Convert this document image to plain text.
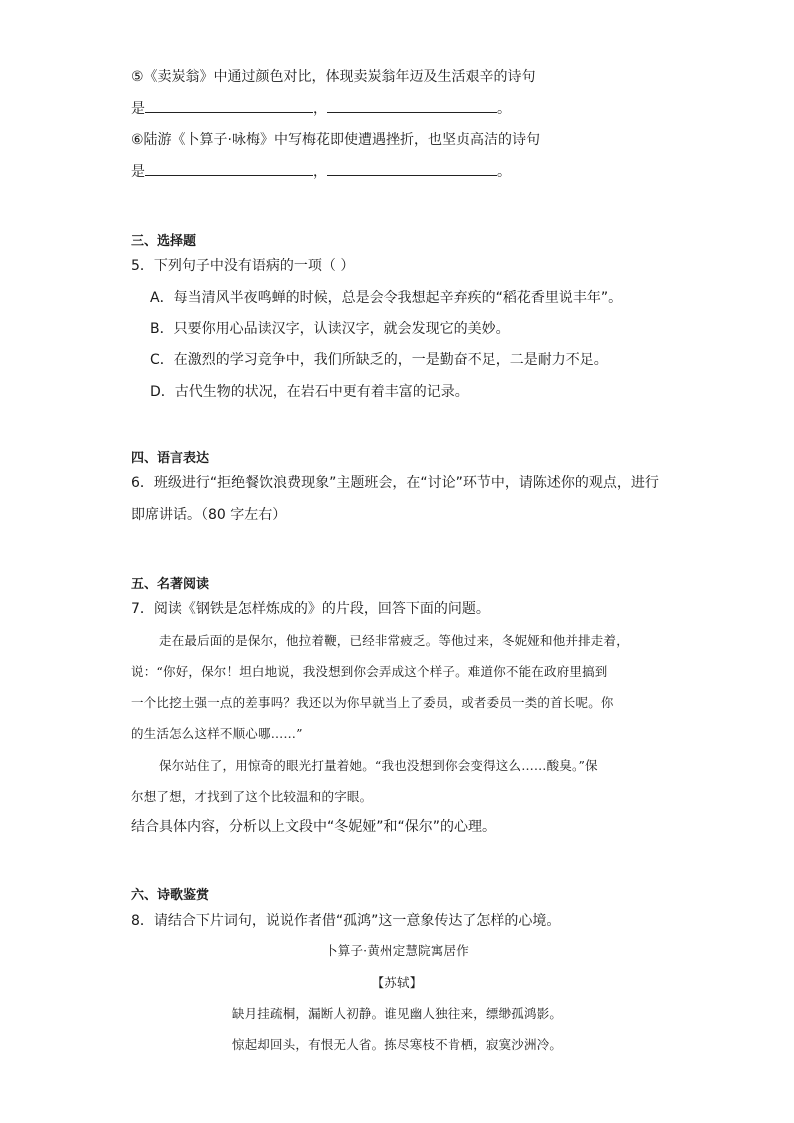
⑤《卖炭翁》中通过颜色对比，体现卖炭翁年迈及生活艰辛的诗句
是	，	。
⑥陆游《卜算子·咏梅》中写梅花即使遭遇挫折，也坚贞高洁的诗句
是	，	。
三、选择题
5．下列句子中没有语病的一项（ ）
A．每当清风半夜鸣蝉的时候，总是会令我想起辛弃疾的“稻花香里说丰年”。
B．只要你用心品读汉字，认读汉字，就会发现它的美妙。
C．在激烈的学习竞争中，我们所缺乏的，一是勤奋不足，二是耐力不足。
D．古代生物的状况，在岩石中更有着丰富的记录。
四、语言表达
6．班级进行“拒绝餐饮浪费现象”主题班会，在“讨论”环节中，请陈述你的观点，进行
即席讲话。（80 字左右）
五、名著阅读
7．阅读《钢铁是怎样炼成的》的片段，回答下面的问题。
走在最后面的是保尔，他拉着鞭，已经非常疲乏。等他过来，冬妮娅和他并排走着，
说：“你好，保尔！坦白地说，我没想到你会弄成这个样子。难道你不能在政府里搞到
一个比挖土强一点的差事吗？我还以为你早就当上了委员，或者委员一类的首长呢。你
的生活怎么这样不顺心哪……”
保尔站住了，用惊奇的眼光打量着她。“我也没想到你会变得这么……酸臭。”保
尔想了想，才找到了这个比较温和的字眼。
结合具体内容，分析以上文段中“冬妮娅”和“保尔”的心理。
六、诗歌鉴赏
8．请结合下片词句，说说作者借“孤鸿”这一意象传达了怎样的心境。
卜算子·黄州定慧院寓居作
【苏轼】
缺月挂疏桐，漏断人初静。谁见幽人独往来，缥缈孤鸿影。
惊起却回头，有恨无人省。拣尽寒枝不肯栖，寂寞沙洲冷。
